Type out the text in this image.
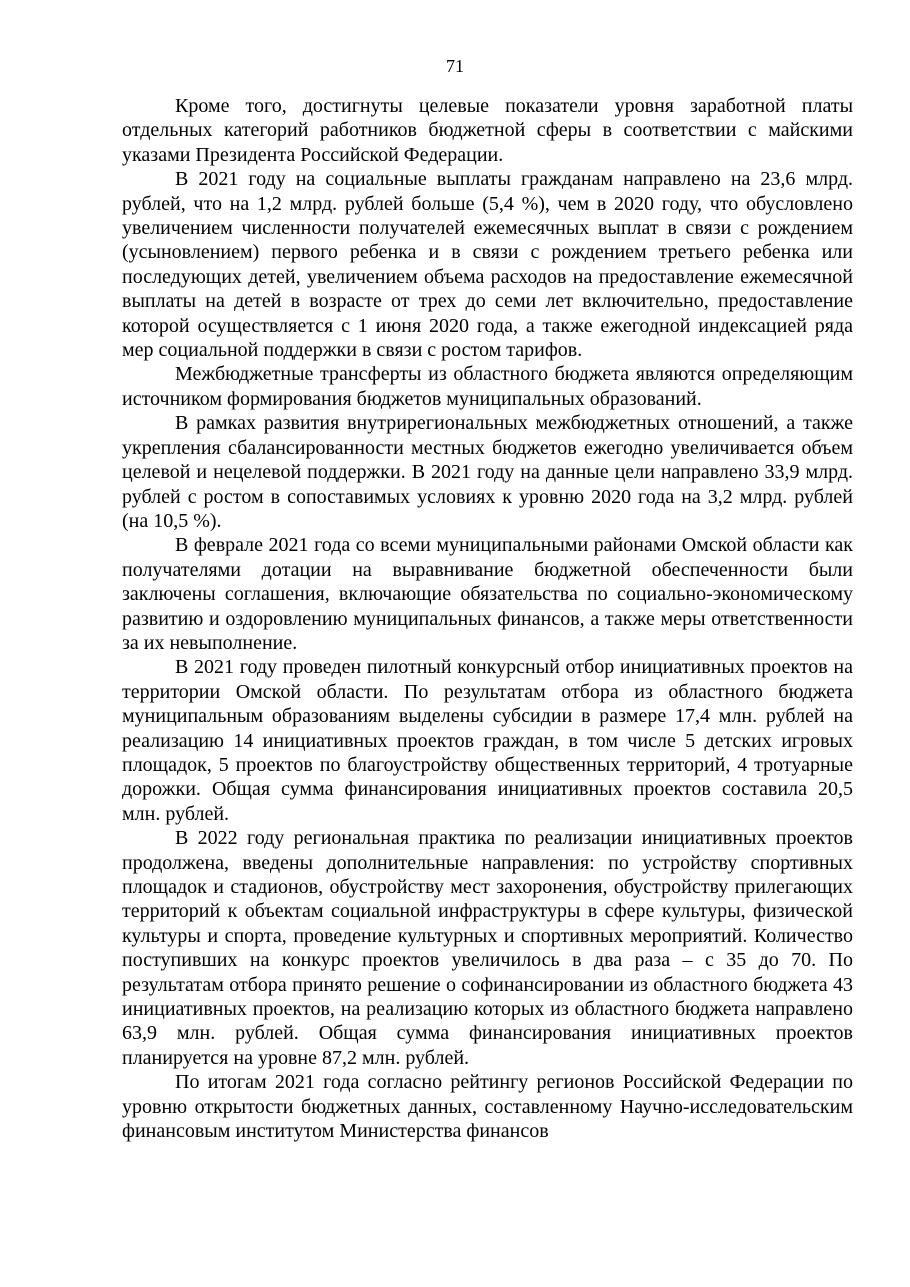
71

Кроме того, достигнуты целевые показатели уровня заработной платы отдельных категорий работников бюджетной сферы в соответствии с майскими указами Президента Российской Федерации.

В 2021 году на социальные выплаты гражданам направлено на 23,6 млрд. рублей, что на 1,2 млрд. рублей больше (5,4 %), чем в 2020 году, что обусловлено увеличением численности получателей ежемесячных выплат в связи с рождением (усыновлением) первого ребенка и в связи с рождением третьего ребенка или последующих детей, увеличением объема расходов на предоставление ежемесячной выплаты на детей в возрасте от трех до семи лет включительно, предоставление которой осуществляется с 1 июня 2020 года, а также ежегодной индексацией ряда мер социальной поддержки в связи с ростом тарифов.

Межбюджетные трансферты из областного бюджета являются определяющим источником формирования бюджетов муниципальных образований.

В рамках развития внутрирегиональных межбюджетных отношений, а также укрепления сбалансированности местных бюджетов ежегодно увеличивается объем целевой и нецелевой поддержки. В 2021 году на данные цели направлено 33,9 млрд. рублей с ростом в сопоставимых условиях к уровню 2020 года на 3,2 млрд. рублей (на 10,5 %).

В феврале 2021 года со всеми муниципальными районами Омской области как получателями дотации на выравнивание бюджетной обеспеченности были заключены соглашения, включающие обязательства по социально-экономическому развитию и оздоровлению муниципальных финансов, а также меры ответственности за их невыполнение.

В 2021 году проведен пилотный конкурсный отбор инициативных проектов на территории Омской области. По результатам отбора из областного бюджета муниципальным образованиям выделены субсидии в размере 17,4 млн. рублей на реализацию 14 инициативных проектов граждан, в том числе 5 детских игровых площадок, 5 проектов по благоустройству общественных территорий, 4 тротуарные дорожки. Общая сумма финансирования инициативных проектов составила 20,5 млн. рублей.

В 2022 году региональная практика по реализации инициативных проектов продолжена, введены дополнительные направления: по устройству спортивных площадок и стадионов, обустройству мест захоронения, обустройству прилегающих территорий к объектам социальной инфраструктуры в сфере культуры, физической культуры и спорта, проведение культурных и спортивных мероприятий. Количество поступивших на конкурс проектов увеличилось в два раза – с 35 до 70. По результатам отбора принято решение о софинансировании из областного бюджета 43 инициативных проектов, на реализацию которых из областного бюджета направлено 63,9 млн. рублей. Общая сумма финансирования инициативных проектов планируется на уровне 87,2 млн. рублей.

По итогам 2021 года согласно рейтингу регионов Российской Федерации по уровню открытости бюджетных данных, составленному Научно-исследовательским финансовым институтом Министерства финансов
